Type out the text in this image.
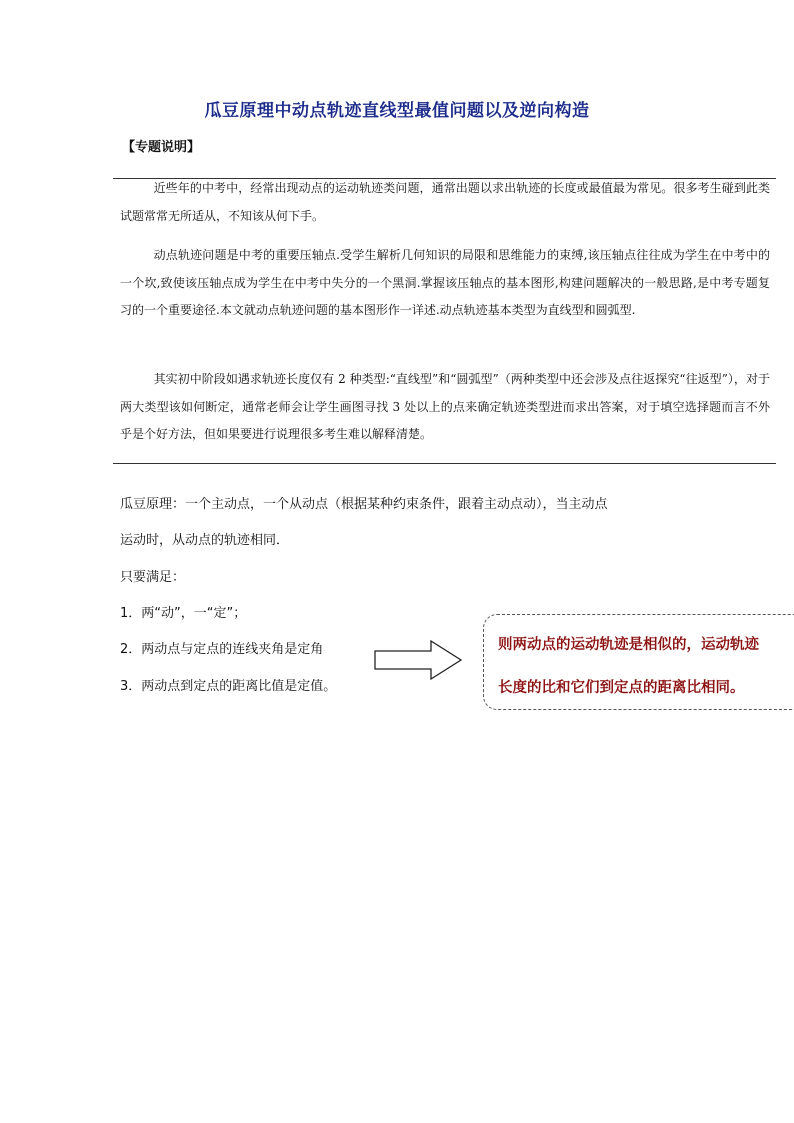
瓜豆原理中动点轨迹直线型最值问题以及逆向构造
【专题说明】

近些年的中考中，经常出现动点的运动轨迹类问题，通常出题以求出轨迹的长度或最值最为常见。很多考生碰到此类试题常常无所适从，不知该从何下手。

动点轨迹问题是中考的重要压轴点.受学生解析几何知识的局限和思维能力的束缚,该压轴点往往成为学生在中考中的一个坎,致使该压轴点成为学生在中考中失分的一个黑洞.掌握该压轴点的基本图形,构建问题解决的一般思路,是中考专题复习的一个重要途径.本文就动点轨迹问题的基本图形作一详述.动点轨迹基本类型为直线型和圆弧型.

其实初中阶段如遇求轨迹长度仅有 2 种类型:“直线型”和“圆弧型”（两种类型中还会涉及点往返探究“往返型”），对于两大类型该如何断定，通常老师会让学生画图寻找 3 处以上的点来确定轨迹类型进而求出答案，对于填空选择题而言不外乎是个好方法，但如果要进行说理很多考生难以解释清楚。

瓜豆原理：一个主动点，一个从动点（根据某种约束条件，跟着主动点动），当主动点
运动时，从动点的轨迹相同．
只要满足：
1．两“动”，一“定”；
2．两动点与定点的连线夹角是定角
3．两动点到定点的距离比值是定值。
则两动点的运动轨迹是相似的，运动轨迹
长度的比和它们到定点的距离比相同。
